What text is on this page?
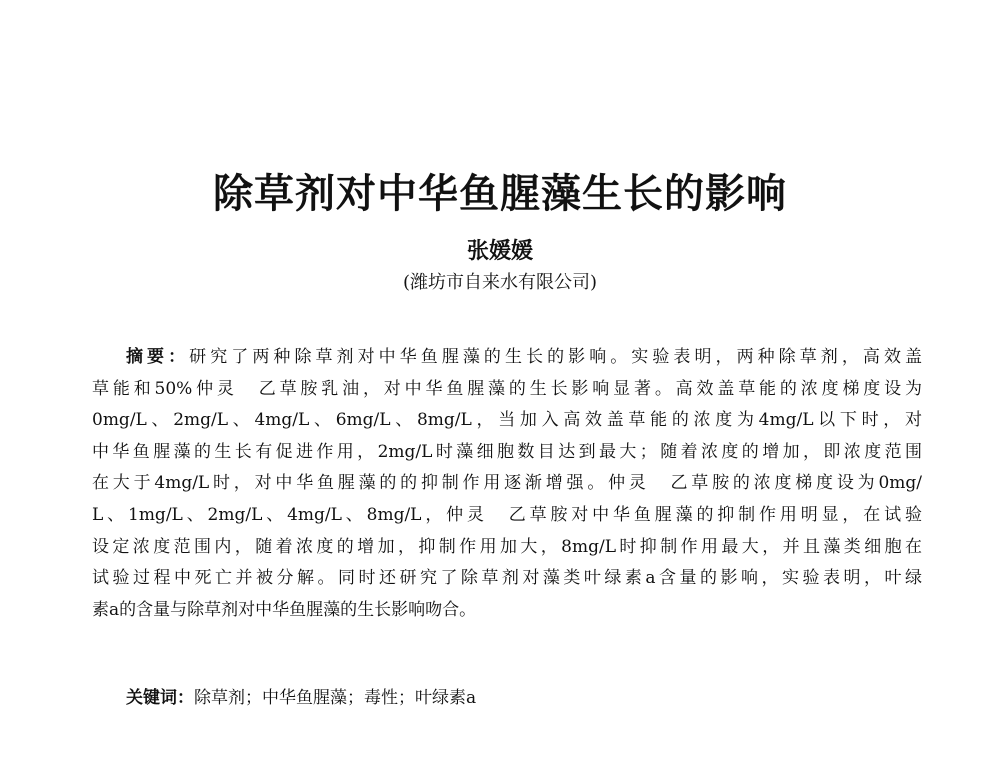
除草剂对中华鱼腥藻生长的影响
张媛媛
(潍坊市自来水有限公司)
摘要：研究了两种除草剂对中华鱼腥藻的生长的影响。实验表明，两种除草剂，高效盖
草能和50%仲灵　乙草胺乳油，对中华鱼腥藻的生长影响显著。高效盖草能的浓度梯度设为
0mg/L、2mg/L、4mg/L、6mg/L、8mg/L，当加入高效盖草能的浓度为4mg/L以下时，对
中华鱼腥藻的生长有促进作用，2mg/L时藻细胞数目达到最大；随着浓度的增加，即浓度范围
在大于4mg/L时，对中华鱼腥藻的的抑制作用逐渐增强。仲灵　乙草胺的浓度梯度设为0mg/
L、1mg/L、2mg/L、4mg/L、8mg/L，仲灵　乙草胺对中华鱼腥藻的抑制作用明显，在试验
设定浓度范围内，随着浓度的增加，抑制作用加大，8mg/L时抑制作用最大，并且藻类细胞在
试验过程中死亡并被分解。同时还研究了除草剂对藻类叶绿素a含量的影响，实验表明，叶绿
素a的含量与除草剂对中华鱼腥藻的生长影响吻合。
关键词：除草剂；中华鱼腥藻；毒性；叶绿素a
